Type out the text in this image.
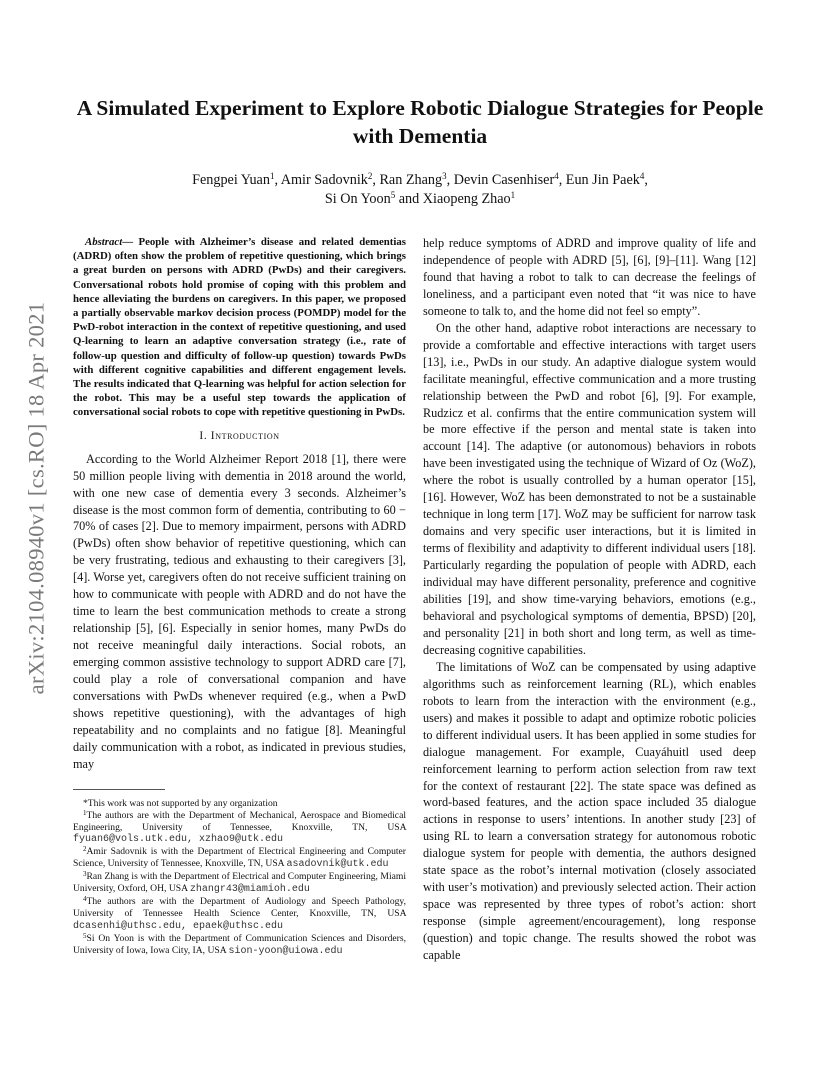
arXiv:2104.08940v1 [cs.RO] 18 Apr 2021
A Simulated Experiment to Explore Robotic Dialogue Strategies for People with Dementia
Fengpei Yuan$^1$, Amir Sadovnik$^2$, Ran Zhang$^3$, Devin Casenhiser$^4$, Eun Jin Paek$^4$,
Si On Yoon$^5$ and Xiaopeng Zhao$^1$

Abstract— People with Alzheimer’s disease and related dementias (ADRD) often show the problem of repetitive questioning, which brings a great burden on persons with ADRD (PwDs) and their caregivers. Conversational robots hold promise of coping with this problem and hence alleviating the burdens on caregivers. In this paper, we proposed a partially observable markov decision process (POMDP) model for the PwD-robot interaction in the context of repetitive questioning, and used Q-learning to learn an adaptive conversation strategy (i.e., rate of follow-up question and difficulty of follow-up question) towards PwDs with different cognitive capabilities and different engagement levels. The results indicated that Q-learning was helpful for action selection for the robot. This may be a useful step towards the application of conversational social robots to cope with repetitive questioning in PwDs.

I. Introduction

According to the World Alzheimer Report 2018 [1], there were 50 million people living with dementia in 2018 around the world, with one new case of dementia every 3 seconds. Alzheimer’s disease is the most common form of dementia, contributing to 60 − 70% of cases [2]. Due to memory impairment, persons with ADRD (PwDs) often show behavior of repetitive questioning, which can be very frustrating, tedious and exhausting to their caregivers [3], [4]. Worse yet, caregivers often do not receive sufficient training on how to communicate with people with ADRD and do not have the time to learn the best communication methods to create a strong relationship [5], [6]. Especially in senior homes, many PwDs do not receive meaningful daily interactions. Social robots, an emerging common assistive technology to support ADRD care [7], could play a role of conversational companion and have conversations with PwDs whenever required (e.g., when a PwD shows repetitive questioning), with the advantages of high repeatability and no complaints and no fatigue [8]. Meaningful daily communication with a robot, as indicated in previous studies, may

*This work was not supported by any organization

$^1$The authors are with the Department of Mechanical, Aerospace and Biomedical Engineering, University of Tennessee, Knoxville, TN, USA fyuan6@vols.utk.edu, xzhao9@utk.edu

$^2$Amir Sadovnik is with the Department of Electrical Engineering and Computer Science, University of Tennessee, Knoxville, TN, USA asadovnik@utk.edu

$^3$Ran Zhang is with the Department of Electrical and Computer Engineering, Miami University, Oxford, OH, USA zhangr43@miamioh.edu

$^4$The authors are with the Department of Audiology and Speech Pathology, University of Tennessee Health Science Center, Knoxville, TN, USA dcasenhi@uthsc.edu, epaek@uthsc.edu

$^5$Si On Yoon is with the Department of Communication Sciences and Disorders, University of Iowa, Iowa City, IA, USA sion-yoon@uiowa.edu

help reduce symptoms of ADRD and improve quality of life and independence of people with ADRD [5], [6], [9]–[11]. Wang [12] found that having a robot to talk to can decrease the feelings of loneliness, and a participant even noted that “it was nice to have someone to talk to, and the home did not feel so empty”.

On the other hand, adaptive robot interactions are necessary to provide a comfortable and effective interactions with target users [13], i.e., PwDs in our study. An adaptive dialogue system would facilitate meaningful, effective communication and a more trusting relationship between the PwD and robot [6], [9]. For example, Rudzicz et al. confirms that the entire communication system will be more effective if the person and mental state is taken into account [14]. The adaptive (or autonomous) behaviors in robots have been investigated using the technique of Wizard of Oz (WoZ), where the robot is usually controlled by a human operator [15], [16]. However, WoZ has been demonstrated to not be a sustainable technique in long term [17]. WoZ may be sufficient for narrow task domains and very specific user interactions, but it is limited in terms of flexibility and adaptivity to different individual users [18]. Particularly regarding the population of people with ADRD, each individual may have different personality, preference and cognitive abilities [19], and show time-varying behaviors, emotions (e.g., behavioral and psychological symptoms of dementia, BPSD) [20], and personality [21] in both short and long term, as well as time-decreasing cognitive capabilities.

The limitations of WoZ can be compensated by using adaptive algorithms such as reinforcement learning (RL), which enables robots to learn from the interaction with the environment (e.g., users) and makes it possible to adapt and optimize robotic policies to different individual users. It has been applied in some studies for dialogue management. For example, Cuayáhuitl used deep reinforcement learning to perform action selection from raw text for the context of restaurant [22]. The state space was defined as word-based features, and the action space included 35 dialogue actions in response to users’ intentions. In another study [23] of using RL to learn a conversation strategy for autonomous robotic dialogue system for people with dementia, the authors designed state space as the robot’s internal motivation (closely associated with user’s motivation) and previously selected action. Their action space was represented by three types of robot’s action: short response (simple agreement/encouragement), long response (question) and topic change. The results showed the robot was capable
